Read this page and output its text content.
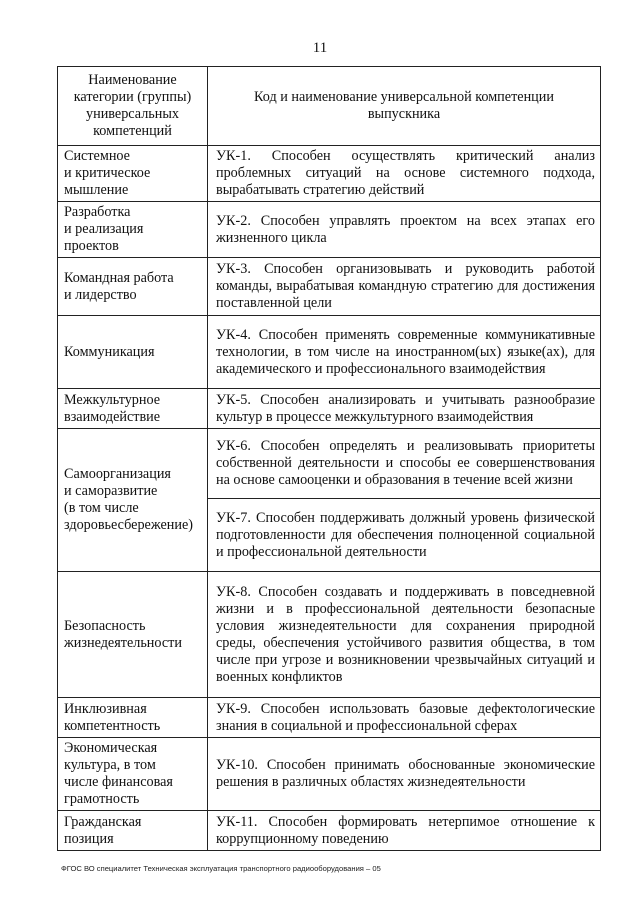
11
Наименование
категории (группы)
универсальных
компетенций	Код и наименование универсальной компетенции
выпускника

Системное
и критическое
мышление	УК-1. Способен осуществлять критический анализ проблемных ситуаций на основе системного подхода, вырабатывать стратегию действий

Разработка
и реализация
проектов	УК-2. Способен управлять проектом на всех этапах его жизненного цикла

Командная работа
и лидерство	УК-3. Способен организовывать и руководить работой команды, вырабатывая командную стратегию для достижения поставленной цели

Коммуникация	УК-4. Способен применять современные коммуникативные технологии, в том числе на иностранном(ых) языке(ах), для академического и профессионального взаимодействия

Межкультурное
взаимодействие	УК-5. Способен анализировать и учитывать разнообразие культур в процессе межкультурного взаимодействия

Самоорганизация
и саморазвитие
(в том числе
здоровьесбережение)	УК-6. Способен определять и реализовывать приоритеты собственной деятельности и способы ее совершенствования на основе самооценки и образования в течение всей жизни
	УК-7. Способен поддерживать должный уровень физической подготовленности для обеспечения полноценной социальной и профессиональной деятельности

Безопасность
жизнедеятельности	УК-8. Способен создавать и поддерживать в повседневной жизни и в профессиональной деятельности безопасные условия жизнедеятельности для сохранения природной среды, обеспечения устойчивого развития общества, в том числе при угрозе и возникновении чрезвычайных ситуаций и военных конфликтов

Инклюзивная
компетентность	УК-9. Способен использовать базовые дефектологические знания в социальной и профессиональной сферах

Экономическая
культура, в том
числе финансовая
грамотность	УК-10. Способен принимать обоснованные экономические решения в различных областях жизнедеятельности

Гражданская
позиция	УК-11. Способен формировать нетерпимое отношение к коррупционному поведению
ФГОС ВО специалитет Техническая эксплуатация транспортного радиооборудования – 05
